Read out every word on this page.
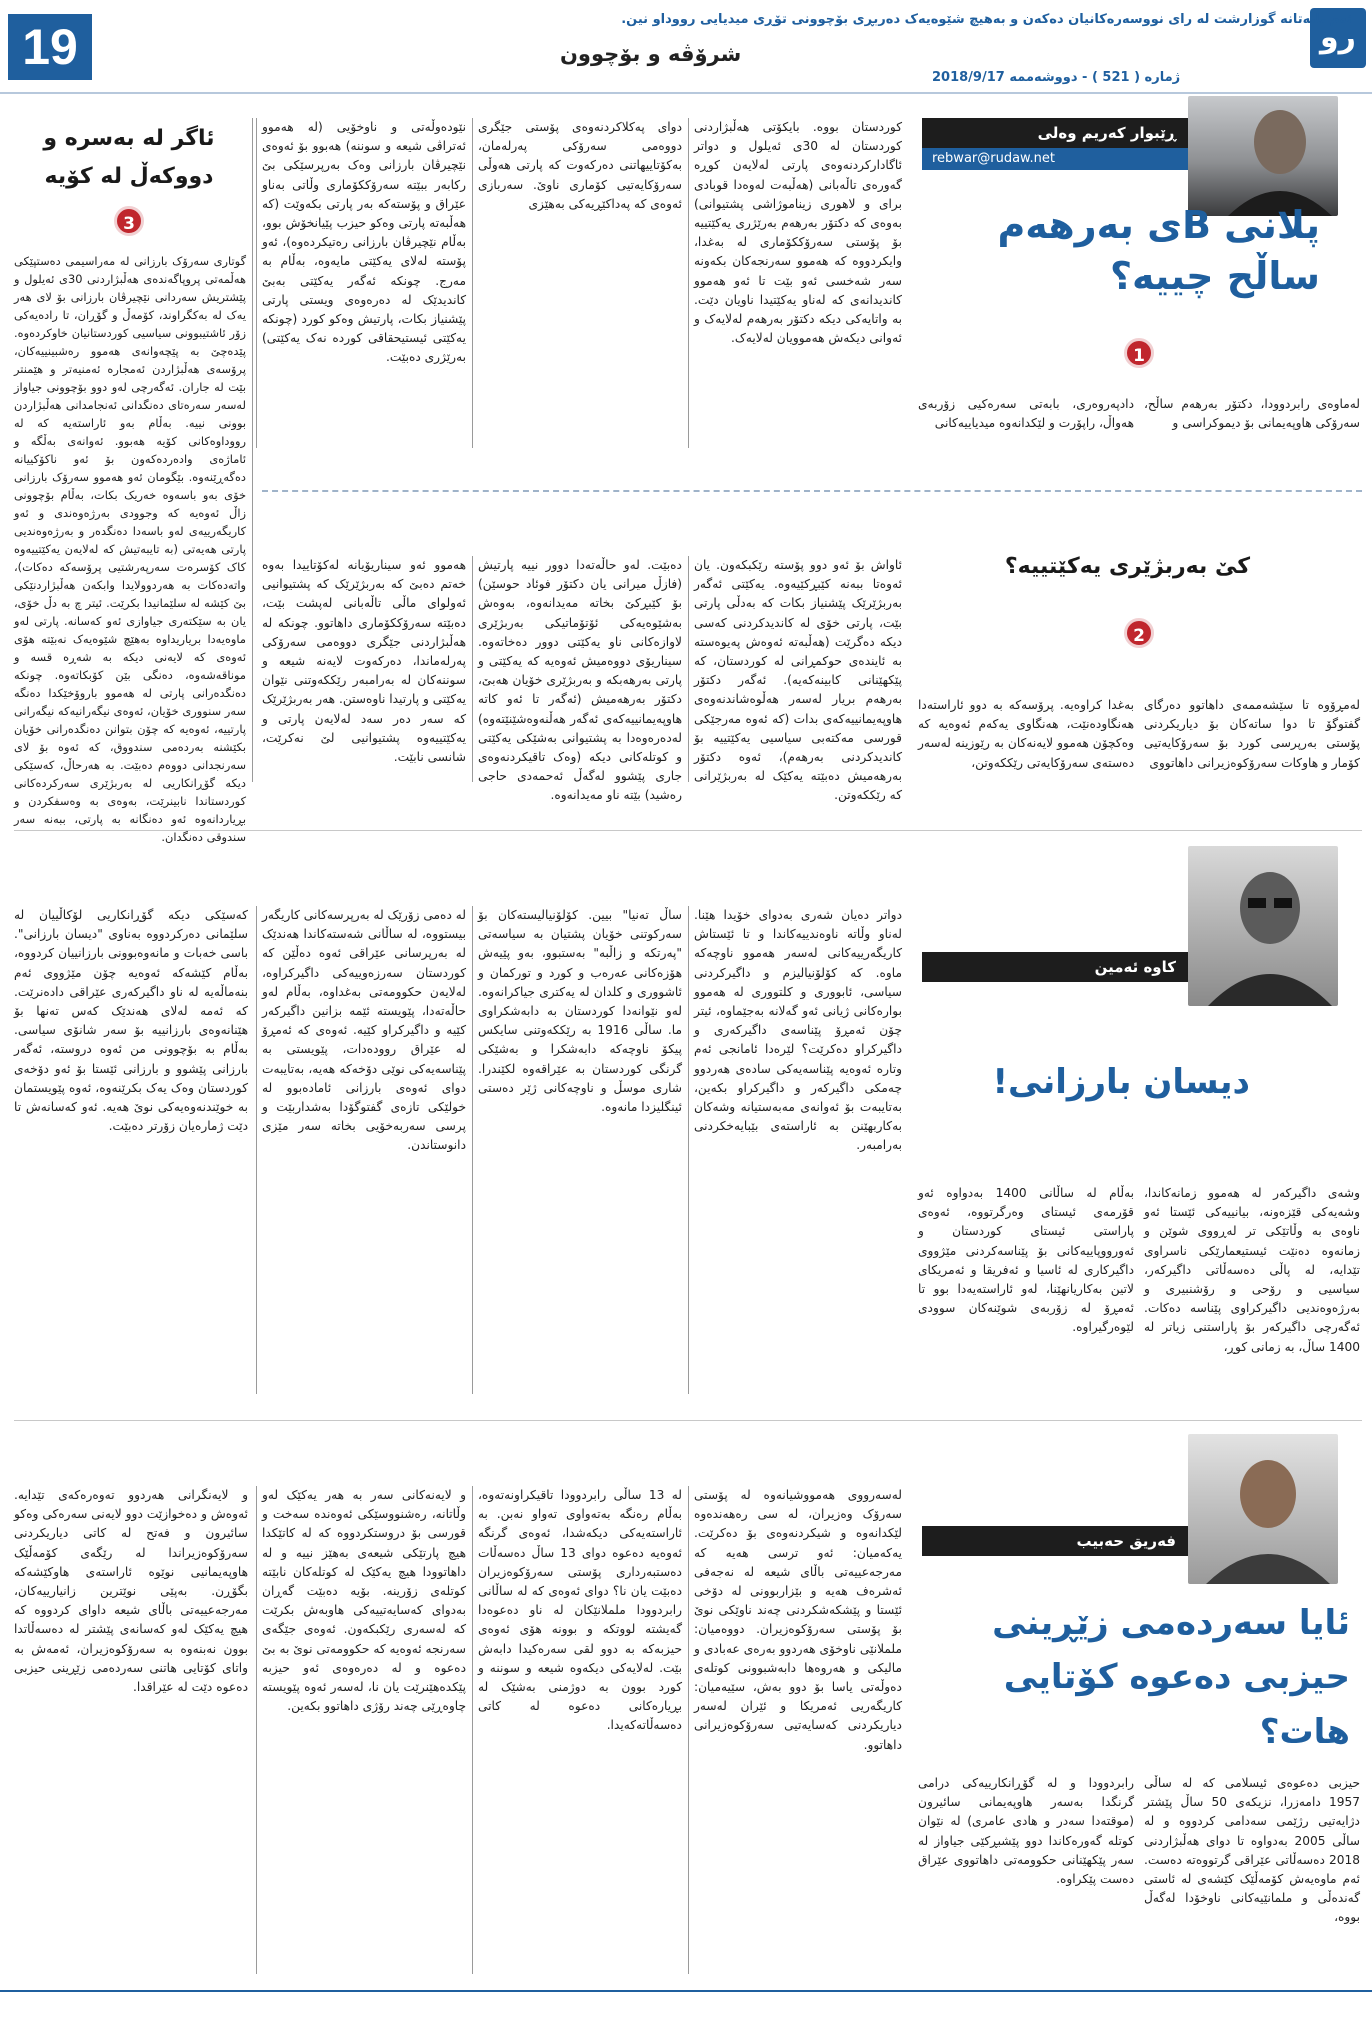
19	شرۆڤە و بۆچوون
ژمارە ( 521 ) - دووشەممە 2018/9/17
رو
ڕێبوار کەریم وەلی
rebwar@rudaw.net
پلانی Bی بەرهەم ساڵح چییە؟
1
لەماوەی رابردوودا، دکتۆر بەرهەم ساڵح، سەرۆکی هاوپەیمانی بۆ دیموکراسی و
دادپەروەری، بابەتی سەرەکیی زۆربەی هەواڵ، راپۆرت و لێکدانەوە میدیاییەکانی
کوردستان بووە. بایکۆتی هەڵبژاردنی کوردستان لە 30ی ئەیلول و دواتر ئاگادارکردنەوەی پارتی لەلایەن کوڕە گەورەی تاڵەبانی (هەڵبەت لەوەدا قوبادی برای و لاهوری زیناموژاشی پشتیوانی) بەوەی کە دکتۆر بەرهەم بەرێژری یەکێتییە بۆ پۆستی سەرۆککۆماری لە بەغدا، وایکردووە کە هەموو سەرنجەکان بکەونە سەر شەخسی ئەو بێت تا ئەو هەموو کاندیدانەی کە لەناو یەکێتیدا ناویان دێت. بە واتایەکی دیکە دکتۆر بەرهەم لەلایەک و ئەوانی دیکەش هەموویان لەلایەک.
دوای پەکلاکردنەوەی پۆستی جێگری دووەمی سەرۆکی پەرلەمان، بەکۆتاییهاتنی دەرکەوت کە پارتی هەوڵی سەرۆکایەتیی کۆماری ناوێ. سەربازی ئەوەی کە پەداکێڕیەکی بەهێزی
نێودەوڵەتی و ناوخۆیی (لە هەموو ئەتراڤی شیعە و سوننە) هەبوو بۆ ئەوەی نێچیرڤان بارزانی وەک بەرپرسێکی بێ رکابەر ببێتە سەرۆککۆماری وڵاتی بەناو عێراق و پۆستەکە بەر پارتی بکەوێت (کە هەڵبەتە پارتی وەکو حیزب پێیانخۆش بوو، بەڵام نێچیرڤان بارزانی رەتیکردەوە)، ئەو پۆستە لەلای یەکێتی مایەوە، بەڵام بە مەرج. چونکە ئەگەر یەکێتی بەبێ کاندیدێک لە دەرەوەی ویستی پارتی پێشنیاز بکات، پارتیش وەکو کورد (چونکە یەکێتی ئیستیحقاقی کوردە نەک یەکێتی) بەرێژری دەبێت.
ئاگر لە بەسرە و دووکەڵ لە کۆیە
3
گوتاری سەرۆک بارزانی لە مەراسیمی دەستپێکی هەڵمەتی پروپاگەندەی هەڵبژاردنی 30ی ئەیلول و پێشتریش سەردانی نێچیرڤان بارزانی بۆ لای هەر یەک لە بەکگراوند، کۆمەڵ و گۆڕان، تا رادەیەکی زۆر ئاشتیبوونی سیاسیی کوردستانیان خاوکردەوە. پێدەچێ بە پێچەوانەی هەموو رەشبینییەکان، پرۆسەی هەڵبژاردن ئەمجارە ئەمنیەتر و هێمنتر بێت لە جاران. ئەگەرچی لەو دوو بۆچوونی جیاواز لەسەر سەرەتای دەنگدانی ئەنجامدانی هەڵبژاردن بوونی نییە. بەڵام بەو ئاراستەیە کە لە رووداوەکانی کۆیە هەبوو. ئەوانەی بەڵگە و ئاماژەی وادەردەکەون بۆ ئەو ناکۆکییانە دەگەڕێنەوە. بێگومان ئەو هەموو سەرۆک بارزانی خۆی بەو باسەوە خەریک بکات، بەڵام بۆچوونی زاڵ ئەوەیە کە وجوودی بەرژەوەندی و ئەو کاریگەرییەی لەو باسەدا دەنگدەر و بەرژەوەندیی پارتی هەیەتی (بە تایبەتیش کە لەلایەن یەکێتییەوە کاک کۆسرەت سەرپەرشتیی پرۆسەکە دەکات)، واتەدەکات بە هەردوولایدا وابکەن هەڵبژاردنێکی بێ کێشە لە سلێمانیدا بکرێت. ئیتر چ بە دڵ خۆی، یان بە سێکتەری جیاوازی ئەو کەسانە. پارتی لەو ماوەیەدا بریاریداوە بەهێچ شێوەیەک نەبێتە هۆی ئەوەی کە لایەنی دیکە بە شەڕە قسە و موناقەشەوە، دەنگی بێن کۆبکاتەوە. چونکە دەنگدەرانی پارتی لە هەموو باروۆخێکدا دەنگە سەر سنووری خۆیان، ئەوەی نیگەرانیەکە نیگەرانی پارتییە، ئەوەیە کە چۆن بتوانن دەنگدەرانی خۆیان بکێشنە بەردەمی سندووق، کە ئەوە بۆ لای سەرنجدانی دووەم دەبێت. بە هەرحاڵ، کەسێکی دیکە گۆڕانکاریی لە بەربژێری سەرکردەکانی کوردستاندا نابینرێت، بەوەی بە وەسفکردن و بڕیاردانەوە ئەو دەنگانە بە پارتی، ببەنە سەر سندوقی دەنگدان.
کێ بەربژێری یەکێتییە؟
2
لەمڕۆوە تا سێشەممەی داهاتوو دەرگای گفتوگۆ تا دوا ساتەکان بۆ دیاریکردنی پۆستی بەرپرسی کورد بۆ سەرۆکایەتیی کۆمار و هاوکات سەرۆکوەزیرانی داهاتووی
بەغدا کراوەیە. پرۆسەکە بە دوو ئاراستەدا هەنگاودەنێت، هەنگاوی یەکەم ئەوەیە کە وەکچۆن هەموو لایەنەکان بە رێوزینە لەسەر دەستەی سەرۆکایەتی رێککەوتن،
ئاواش بۆ ئەو دوو پۆستە رێکبکەون. یان ئەوەتا ببەنە کێبڕکێیەوە. یەکێتی ئەگەر بەربژێرێک پێشنیاز بکات کە بەدڵی پارتی بێت، پارتی خۆی لە کاندیدکردنی کەسی دیکە دەگرێت (هەڵبەتە ئەوەش پەیوەستە بە ئایندەی حوکمڕانی لە کوردستان، کە پێکهێنانی کابینەکەیە). ئەگەر دکتۆر بەرهەم بریار لەسەر هەڵوەشاندنەوەی هاوپەیمانییەکەی بدات (کە ئەوە مەرجێکی قورسی مەکتەبی سیاسیی یەکێتییە بۆ کاندیدکردنی بەرهەم)، ئەوە دکتۆر بەرهەمیش دەبێتە یەکێک لە بەربژێرانی کە رێککەوتن.
دەبێت. لەو حاڵەتەدا دوور نییە پارتیش (فازڵ میرانی یان دکتۆر فوئاد حوسێن) بۆ کێبڕکێ بخاتە مەیدانەوە، بەوەش بەشێوەیەکی ئۆتۆماتیکی بەربژێری لاوازەکانی ناو یەکێتی دوور دەخاتەوە. سیناریۆی دووەمیش ئەوەیە کە یەکێتی و پارتی بەرهەبکە و بەربژێری خۆیان هەبێ، دکتۆر بەرهەمیش (ئەگەر تا ئەو کاتە هاوپەیمانییەکەی ئەگەر هەڵنەوەشێنێتەوە) لەدەرەوەدا بە پشتیوانی بەشێکی یەکێتی و کوتلەکانی دیکە (وەک تاقیکردنەوەی جاری پێشوو لەگەڵ ئەحمەدی حاجی رەشید) بێتە ناو مەیدانەوە.
هەموو ئەو سیناریۆیانە لەکۆتاییدا بەوە خەتم دەبێ کە بەربژێرێک کە پشتیوانیی ئەولوای ماڵی تاڵەبانی لەپشت بێت، دەبێتە سەرۆککۆماری داهاتوو. چونکە لە هەڵبژاردنی جێگری دووەمی سەرۆکی پەرلەماندا، دەرکەوت لایەنە شیعە و سوننەکان لە بەرامبەر رێککەوتنی نێوان یەکێتی و پارتیدا ناوەستن. هەر بەربژێرێک کە سەر دەر سەد لەلایەن پارتی و یەکێتییەوە پشتیوانیی لێ نەکرێت، شانسی نابێت.
کاوە ئەمین
دیسان بارزانی!
وشەی داگیرکەر لە هەموو زمانەکاندا، وشەیەکی قێزەونە، بیانییەکی ئێستا ئەو ناوەی بە وڵاتێکی تر لەڕووی شوێن و زمانەوە دەنێت ئیستیعمارێکی ناسراوی تێدایە، لە پاڵی دەسەڵاتی داگیرکەر، سیاسیی و رۆحی و رۆشنبیری و بەرژەوەندیی داگیرکراوی پێناسە دەکات. ئەگەرچی داگیرکەر بۆ پاراستنی زیاتر لە 1400 ساڵ، بە زمانی کوڕ،
بەڵام لە ساڵانی 1400 بەدواوە ئەو قۆرمەی ئیستای وەرگرتووە، ئەوەی پاراستی ئیستای کوردستان و ئەورووپاییەکانی بۆ پێناسەکردنی مێژووی داگیرکاری لە ئاسیا و ئەفریقا و ئەمریکای لاتین بەکاریانهێنا، لەو ئاراستەیەدا بوو تا ئەمڕۆ لە زۆربەی شوێنەکان سوودی لێوەرگیراوە.
دواتر دەیان شەری بەدوای خۆیدا هێنا. لەناو وڵاتە ناوەندییەکاندا و تا ئێستاش کاریگەرییەکانی لەسەر هەموو ناوچەکە ماوە. کە کۆلۆنیالیزم و داگیرکردنی سیاسی، ئابووری و کلتووری لە هەموو بوارەکانی ژیانی ئەو گەلانە بەجێماوە، ئیتر چۆن ئەمڕۆ پێناسەی داگیرکەری و داگیرکراو دەکرێت؟ لێرەدا ئامانجی ئەم وتارە ئەوەیە پێناسەیەکی سادەی هەردوو چەمکی داگیرکەر و داگیرکراو بکەین، بەتایبەت بۆ ئەوانەی مەبەستیانە وشەکان بەکاربهێنن بە ئاراستەی بێبایەخکردنی بەرامبەر.
ساڵ تەنیا" بیین. کۆلۆنیالیستەکان بۆ سەرکوتنی خۆیان پشتیان بە سیاسەتی "پەرتکە و زاڵبە" بەستبوو، بەو پێیەش هۆزەکانی عەرەب و کورد و تورکمان و ئاشووری و کلدان لە یەکتری جیاکرانەوە. لەو نێوانەدا کوردستان بە دابەشکراوی ما. ساڵی 1916 بە رێککەوتنی سایکس پیکۆ ناوچەکە دابەشکرا و بەشێکی گرنگی کوردستان بە عێراقەوە لکێندرا. شاری موسڵ و ناوچەکانی ژێر دەستی ئینگلیزدا مانەوە.
لە دەمی زۆرێک لە بەرپرسەکانی کاریگەر بیستووە، لە ساڵانی شەستەکاندا هەندێک لە بەرپرسانی عێراقی ئەوە دەڵێن کە کوردستان سەرزەوییەکی داگیرکراوە، لەلایەن حکوومەتی بەغداوە، بەڵام لەو حاڵەتەدا، پێویستە ئێمە بزانین داگیرکەر کێیە و داگیرکراو کێیە. ئەوەی کە ئەمڕۆ لە عێراق روودەدات، پێویستی بە پێناسەیەکی نوێی دۆخەکە هەیە، بەتایبەت دوای ئەوەی بارزانی ئامادەبوو لە خولێکی تازەی گفتوگۆدا بەشداربێت و پرسی سەربەخۆیی بخاتە سەر مێزی دانوستاندن.
کەسێکی دیکە گۆڕانکاریی لۆکاڵییان لە سلێمانی دەرکردووە بەناوی "دیسان بارزانی". باسی خەبات و مانەوەبوونی بارزانییان کردووە، بەڵام کێشەکە ئەوەیە چۆن مێژووی ئەم بنەماڵەیە لە ناو داگیرکەری عێراقی دادەنرێت. کە ئەمە لەلای هەندێک کەس تەنها بۆ هێنانەوەی بارزانییە بۆ سەر شانۆی سیاسی. بەڵام بە بۆچوونی من ئەوە دروستە، ئەگەر بارزانی پێشوو و بارزانی ئێستا بۆ ئەو دۆخەی کوردستان وەک یەک بکرێنەوە، ئەوە پێویستمان بە خوێندنەوەیەکی نوێ هەیە. ئەو کەسانەش تا دێت ژمارەیان زۆرتر دەبێت.
فەریق حەبیب
ئایا سەردەمی زێڕینی حیزبی دەعوە کۆتایی هات؟
حیزبی دەعوەی ئیسلامی کە لە ساڵی 1957 دامەزرا، نزیکەی 50 ساڵ پێشتر دژایەتیی رژێمی سەدامی کردووە و لە ساڵی 2005 بەدواوە تا دوای هەڵبژاردنی 2018 دەسەڵاتی عێراقی گرتووەتە دەست. ئەم ماوەیەش کۆمەڵێک کێشەی لە ئاستی گەندەڵی و ملمانێیەکانی ناوخۆدا لەگەڵ بووە،
رابردوودا و لە گۆڕانکارییەکی درامی گرنگدا بەسەر هاوپەیمانی سائیرون (موقتەدا سەدر و هادی عامری) لە نێوان کوتلە گەورەکاندا دوو پێشبڕکێی جیاواز لە سەر پێکهێنانی حکوومەتی داهاتووی عێراق دەست پێکراوە.
لەسەرووی هەمووشیانەوە لە پۆستی سەرۆک وەزیران، لە سی رەهەندەوە لێکدانەوە و شیکردنەوەی بۆ دەکرێت. یەکەمیان: ئەو ترسی هەیە کە مەرجەعییەتی باڵای شیعە لە نەجەفی ئەشرەف هەیە و بێزاربوونی لە دۆخی ئێستا و پێشکەشکردنی چەند ناوێکی نوێ بۆ پۆستی سەرۆکوەزیران. دووەمیان: ململانێی ناوخۆی هەردوو بەرەی عەبادی و مالیکی و هەروەها دابەشبوونی کوتلەی دەوڵەتی یاسا بۆ دوو بەش، سێیەمیان: کاریگەریی ئەمریکا و ئێران لەسەر دیاریکردنی کەسایەتیی سەرۆکوەزیرانی داهاتوو.
لە 13 ساڵی رابردوودا تاقیکراونەتەوە، بەڵام رەنگە بەتەواوی تەواو نەبن. بە ئاراستەیەکی دیکەشدا، ئەوەی گرنگە ئەوەیە دەعوە دوای 13 ساڵ دەسەڵات دەستبەرداری پۆستی سەرۆکوەزیران دەبێت یان نا؟ دوای ئەوەی کە لە ساڵانی رابردوودا ململانێکان لە ناو دەعوەدا گەیشتە لووتکە و بوونە هۆی ئەوەی حیزبەکە بە دوو لقی سەرەکیدا دابەش بێت. لەلایەکی دیکەوە شیعە و سوننە و کورد بوون بە دوژمنی بەشێک لە بڕیارەکانی دەعوە لە کاتی دەسەڵاتەکەیدا.
و لایەنەکانی سەر بە هەر یەکێک لەو وڵاتانە، رەشنووسێکی ئەوەندە سەخت و قورسی بۆ دروستکردووە کە لە کاتێکدا هیچ پارتێکی شیعەی بەهێز نییە و لە داهاتوودا هیچ یەکێک لە کوتلەکان نابێتە کوتلەی زۆرینە. بۆیە دەبێت گەڕان بەدوای کەسایەتییەکی هاوبەش بکرێت کە لەسەری رێکبکەون. ئەوەی جێگەی سەرنجە ئەوەیە کە حکوومەتی نوێ بە بێ دەعوە و لە دەرەوەی ئەو حیزبە پێکدەهێنرێت یان نا، لەسەر ئەوە پێویستە چاوەڕێی چەند رۆژی داهاتوو بکەین.
و لایەنگرانی هەردوو تەوەرەکەی تێدایە. ئەوەش و دەخوازێت دوو لایەنی سەرەکی وەکو سائیرون و فەتح لە کاتی دیاریکردنی سەرۆکوەزیراندا لە رێگەی کۆمەڵێک هاوپەیمانیی نوێوە ئاراستەی هاوکێشەکە بگۆڕن. بەپێی نوێترین زانیارییەکان، مەرجەعییەتی باڵای شیعە داوای کردووە کە هیچ یەکێک لەو کەسانەی پێشتر لە دەسەڵاتدا بوون نەبنەوە بە سەرۆکوەزیران، ئەمەش بە واتای کۆتایی هاتنی سەردەمی زێڕینی حیزبی دەعوە دێت لە عێراقدا.
ئەم بابەتانە گوزارشت لە رای نووسەرەکانیان دەکەن و بەهیچ شێوەیەک دەربڕی بۆچوونی تۆڕی میدیایی رووداو نین.
